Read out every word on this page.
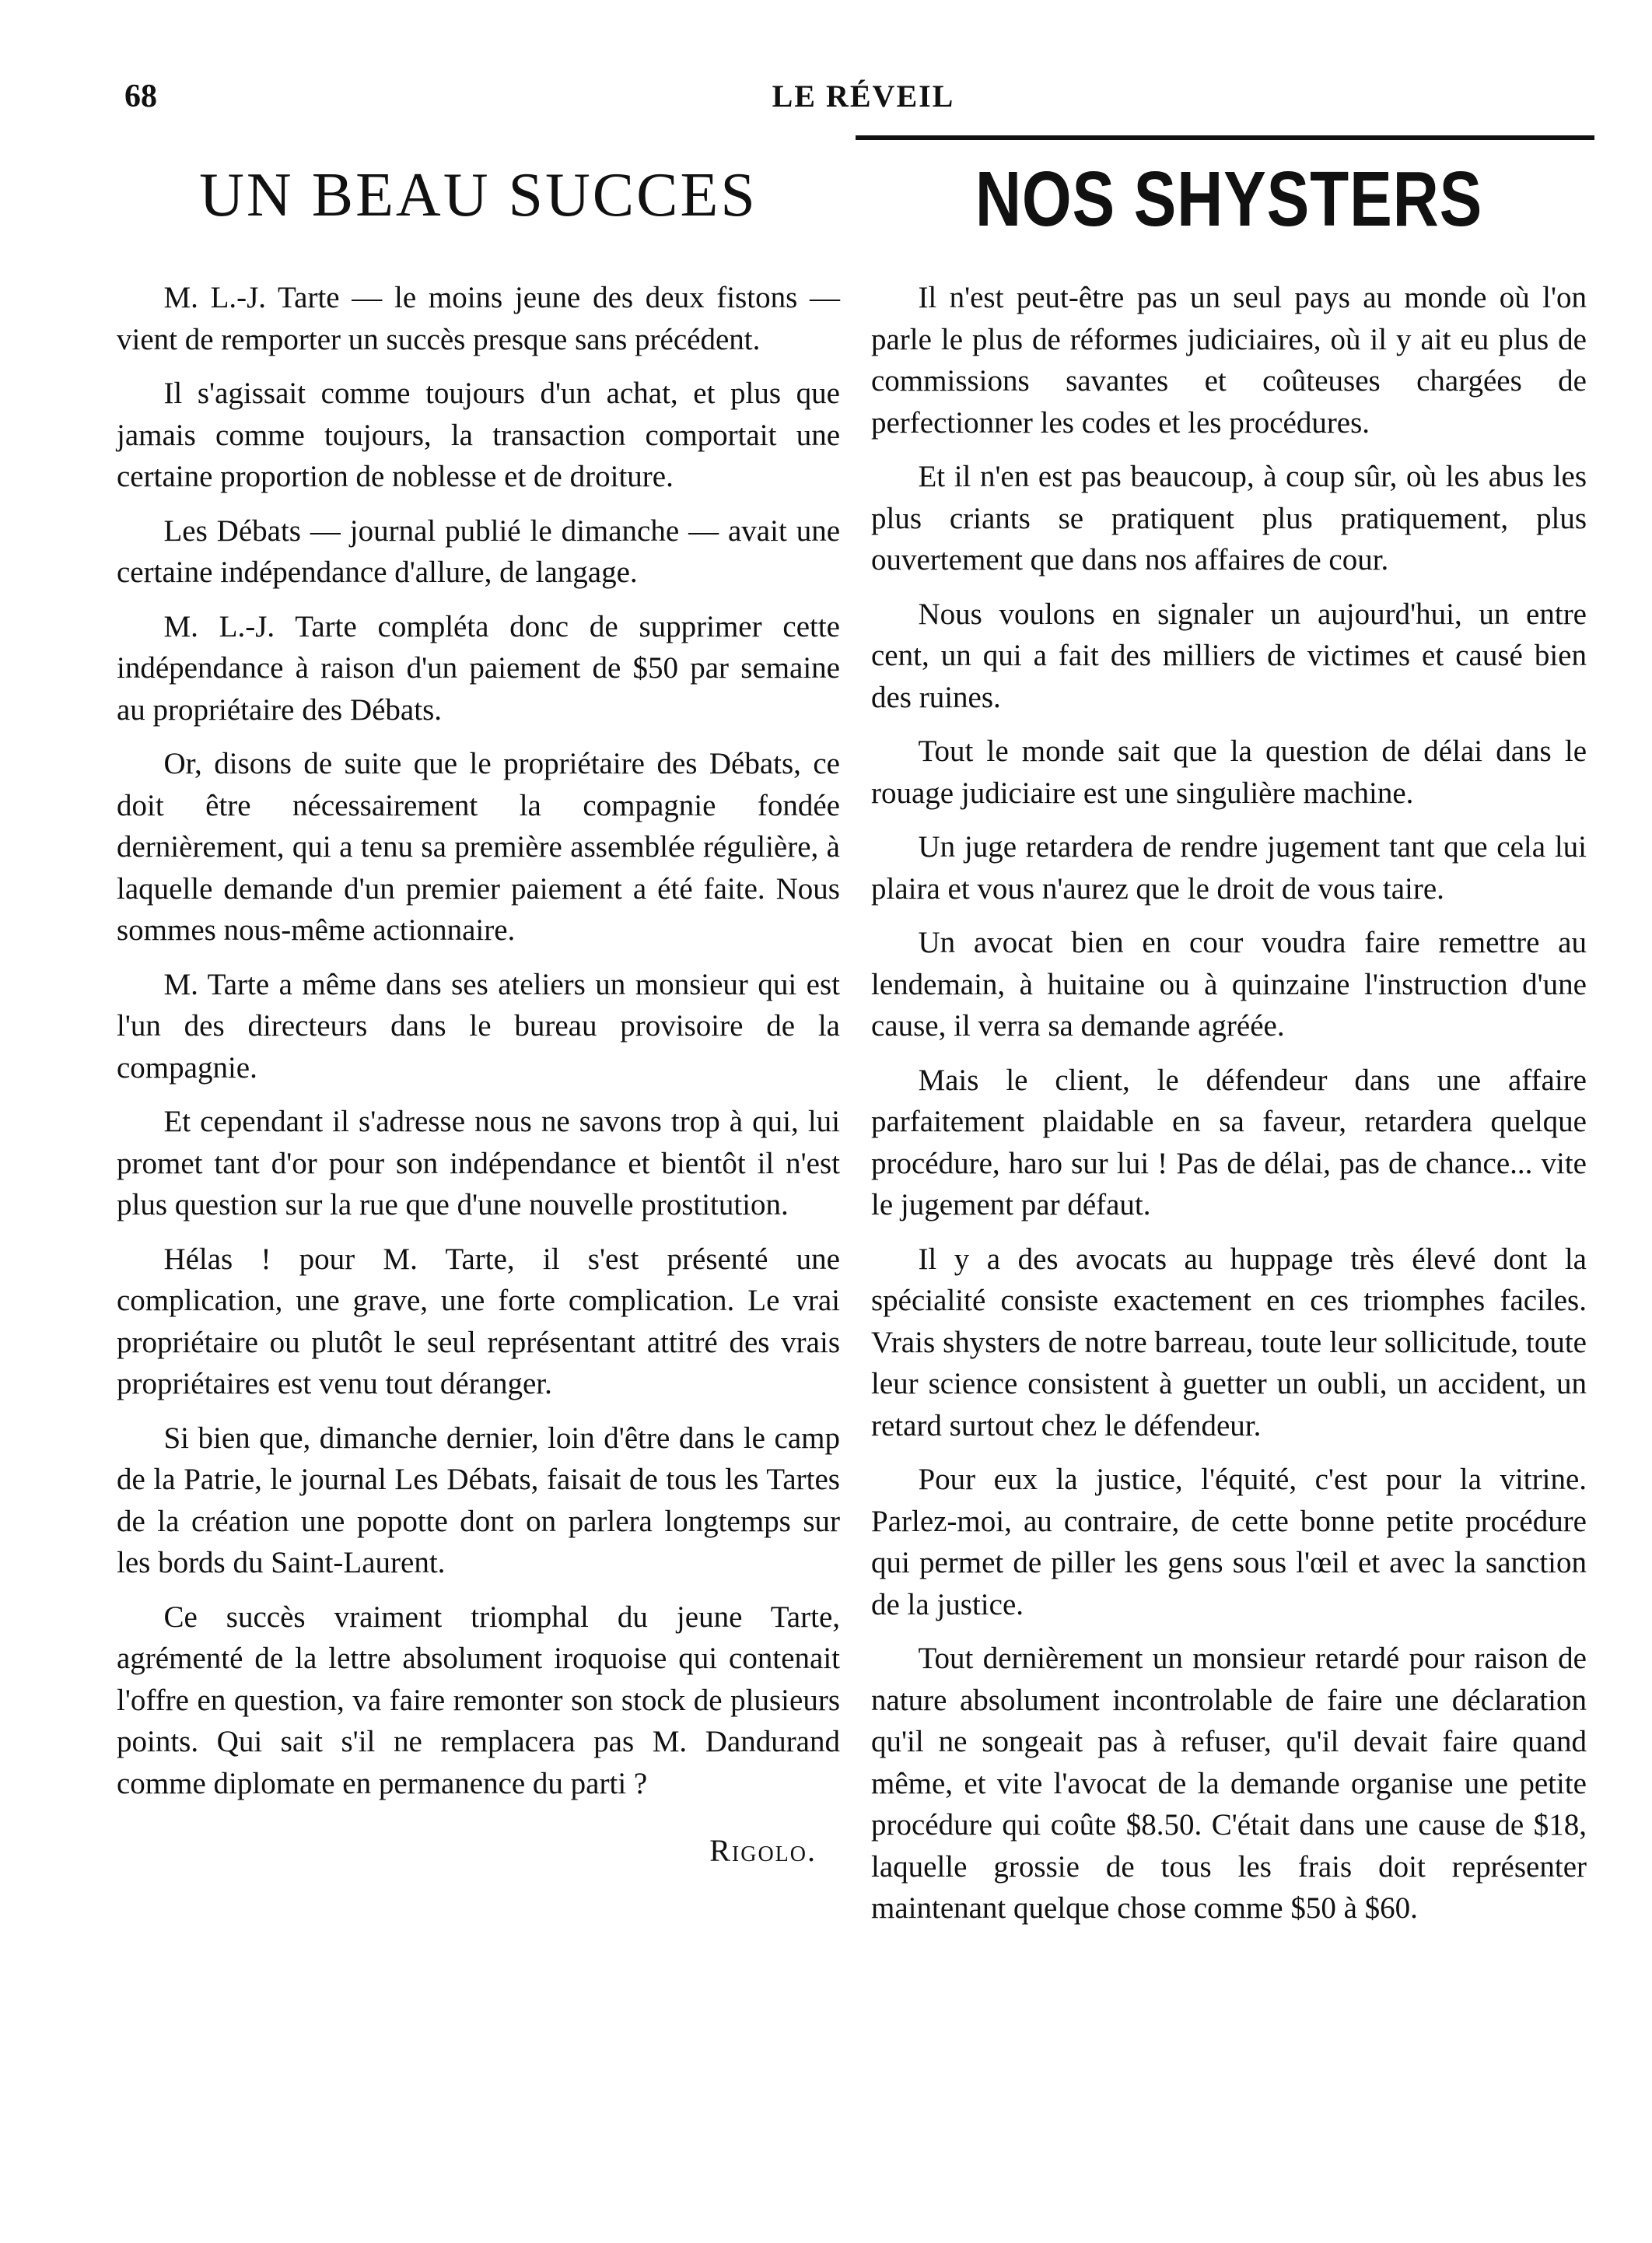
68	LE RÉVEIL
UN BEAU SUCCES

M. L.-J. Tarte — le moins jeune des deux fistons — vient de remporter un succès presque sans précédent.

Il s'agissait comme toujours d'un achat, et plus que jamais comme toujours, la transaction comportait une certaine proportion de noblesse et de droiture.

Les Débats — journal publié le dimanche — avait une certaine indépendance d'allure, de langage.

M. L.-J. Tarte compléta donc de supprimer cette indépendance à raison d'un paiement de $50 par semaine au propriétaire des Débats.

Or, disons de suite que le propriétaire des Débats, ce doit être nécessairement la compagnie fondée dernièrement, qui a tenu sa première assemblée régulière, à laquelle demande d'un premier paiement a été faite. Nous sommes nous-même actionnaire.

M. Tarte a même dans ses ateliers un monsieur qui est l'un des directeurs dans le bureau provisoire de la compagnie.

Et cependant il s'adresse nous ne savons trop à qui, lui promet tant d'or pour son indépendance et bientôt il n'est plus question sur la rue que d'une nouvelle prostitution.

Hélas ! pour M. Tarte, il s'est présenté une complication, une grave, une forte complication. Le vrai propriétaire ou plutôt le seul représentant attitré des vrais propriétaires est venu tout déranger.

Si bien que, dimanche dernier, loin d'être dans le camp de la Patrie, le journal Les Débats, faisait de tous les Tartes de la création une popotte dont on parlera longtemps sur les bords du Saint-Laurent.

Ce succès vraiment triomphal du jeune Tarte, agrémenté de la lettre absolument iroquoise qui contenait l'offre en question, va faire remonter son stock de plusieurs points. Qui sait s'il ne remplacera pas M. Dandurand comme diplomate en permanence du parti ?

Rigolo.
NOS SHYSTERS

Il n'est peut-être pas un seul pays au monde où l'on parle le plus de réformes judiciaires, où il y ait eu plus de commissions savantes et coûteuses chargées de perfectionner les codes et les procédures.

Et il n'en est pas beaucoup, à coup sûr, où les abus les plus criants se pratiquent plus pratiquement, plus ouvertement que dans nos affaires de cour.

Nous voulons en signaler un aujourd'hui, un entre cent, un qui a fait des milliers de victimes et causé bien des ruines.

Tout le monde sait que la question de délai dans le rouage judiciaire est une singulière machine.

Un juge retardera de rendre jugement tant que cela lui plaira et vous n'aurez que le droit de vous taire.

Un avocat bien en cour voudra faire remettre au lendemain, à huitaine ou à quinzaine l'instruction d'une cause, il verra sa demande agréée.

Mais le client, le défendeur dans une affaire parfaitement plaidable en sa faveur, retardera quelque procédure, haro sur lui ! Pas de délai, pas de chance... vite le jugement par défaut.

Il y a des avocats au huppage très élevé dont la spécialité consiste exactement en ces triomphes faciles. Vrais shysters de notre barreau, toute leur sollicitude, toute leur science consistent à guetter un oubli, un accident, un retard surtout chez le défendeur.

Pour eux la justice, l'équité, c'est pour la vitrine. Parlez-moi, au contraire, de cette bonne petite procédure qui permet de piller les gens sous l'œil et avec la sanction de la justice.

Tout dernièrement un monsieur retardé pour raison de nature absolument incontrolable de faire une déclaration qu'il ne songeait pas à refuser, qu'il devait faire quand même, et vite l'avocat de la demande organise une petite procédure qui coûte $8.50. C'était dans une cause de $18, laquelle grossie de tous les frais doit représenter maintenant quelque chose comme $50 à $60.
